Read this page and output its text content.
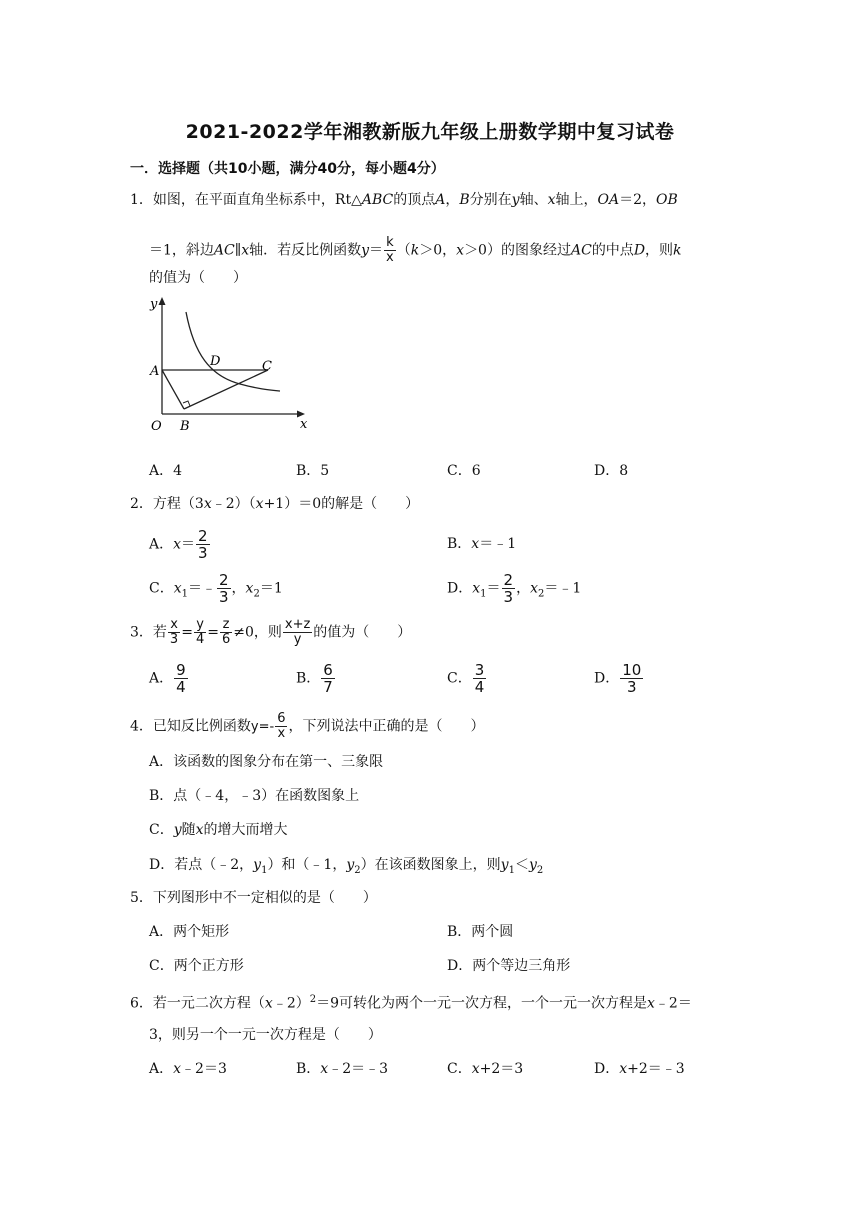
2021-2022学年湘教新版九年级上册数学期中复习试卷
一．选择题（共10小题，满分40分，每小题4分）
1．如图，在平面直角坐标系中，Rt△ABC的顶点A，B分别在y轴、x轴上，OA＝2，OB
＝1，斜边AC∥x轴．若反比例函数$y= \frac{k}{x} (k>0$，x＞0）的图象经过AC的中点D，则k
的值为（　　）
y
x
O
A
B
C
D
A．4	B．5	C．6	D．8
2．方程（3x﹣2）（x+1）＝0的解是（　　）
A．$x= \frac{2}{3}$	B．x＝﹣1
C．$x_1=﹣ \frac{2}{3}$ ，$x_2=1$	D．$x_1= \frac{2}{3}$ ，$x_2=﹣1$
3．若 $\frac{x}{3} = \frac{y}{4} = \frac{z}{6} \ne 0$，则 $\frac{x+z}{y}$ 的值为（　　）
A． $\frac{9}{4}$	B． $\frac{6}{7}$	C． $\frac{3}{4}$	D． $\frac{10}{3}$
4．已知反比例函数$y=- \frac{6}{x}$ ，下列说法中正确的是（　　）
A．该函数的图象分布在第一、三象限
B．点（﹣4，﹣3）在函数图象上
C．y随x的增大而增大
D．若点（﹣2，$y_1$）和（﹣1，$y_2$）在该函数图象上，则$y_1<y_2$
5．下列图形中不一定相似的是（　　）
A．两个矩形	B．两个圆
C．两个正方形	D．两个等边三角形
6．若一元二次方程（x﹣2）$^2$＝9可转化为两个一元一次方程，一个一元一次方程是x﹣2＝
3，则另一个一元一次方程是（　　）
A．x﹣2＝3	B．x﹣2＝﹣3	C．x+2＝3	D．x+2＝﹣3
